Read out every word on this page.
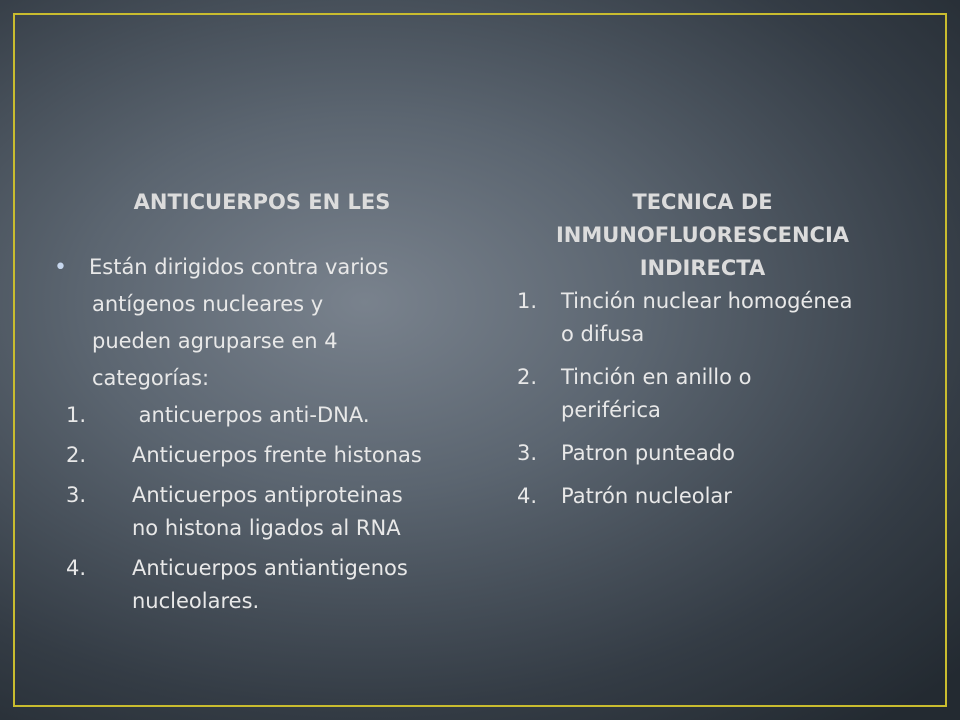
ANTICUERPOS EN LES
• Están dirigidos contra varios
antígenos nucleares y
pueden agruparse en 4
categorías:
1. anticuerpos anti-DNA.
2. Anticuerpos frente histonas
3. Anticuerpos antiproteinas
no histona ligados al RNA
4. Anticuerpos antiantigenos
nucleolares.
TECNICA DE
INMUNOFLUORESCENCIA
INDIRECTA
1. Tinción nuclear homogénea
o difusa
2. Tinción en anillo o
periférica
3. Patron punteado
4. Patrón nucleolar
